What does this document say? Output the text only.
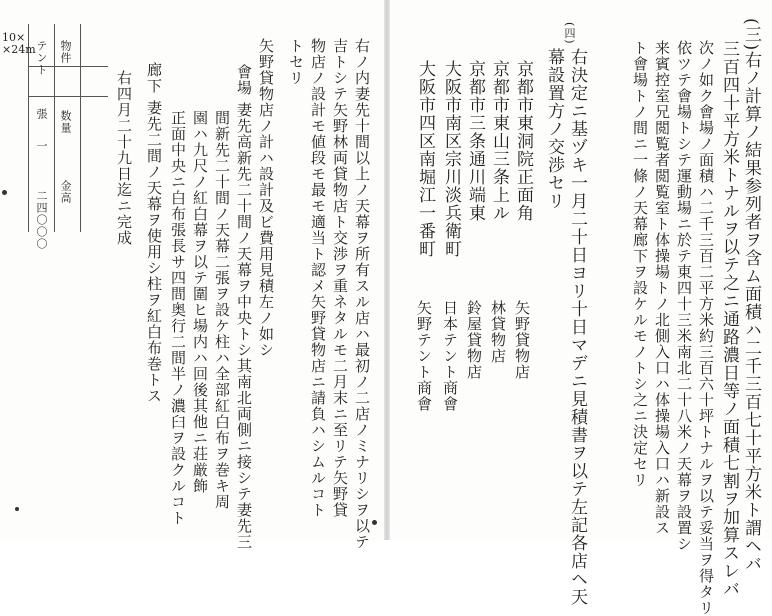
(三)右ノ計算ノ結果参列者ヲ含ム面積ハ二千三百七十平方米ト謂ヘバ
三百四十平方米トナルヲ以テ之ニ通路濃日等ノ面積七割ヲ加算スレバ
次ノ如ク會場ノ面積ハ二千三百二平方米約三百六十坪トナルヲ以テ妥当ヲ得タリ
依ツテ會場トシテ運動場ニ於テ東四十三米南北二十八米ノ天幕ヲ設置シ
来賓控室兄閲覧者閲覧室ト体操場トノ北側入口ハ体操場入口ハ新設ス
ト會場トノ間ニ一條ノ天幕廊下ヲ設ケルモノトシ之ニ決定セリ
(四)
右決定ニ基ヅキ一月二十日ヨリ十日マデニ見積書ヲ以テ左記各店ヘ天
幕設置方ノ交渉セリ
京都市東洞院正面角
京都市東山三条上ル
京都市三条通川端東
大阪市南区宗川淡兵衛町
大阪市四区南堀江一番町
矢野貸物店
林貸物店
鈴屋貸物店
日本テント商會
矢野テント商會
右ノ内妻先十間以上ノ天幕ヲ所有スル店ハ最初ノ二店ノミナリシヲ以テ
吉トシテ矢野林両貸物店ト交渉ヲ重ネタルモ二月末ニ至リテ矢野貸
物店ノ設計モ値段モ最モ適当ト認メ矢野貸物店ニ請負ハシムルコト
トセリ
矢野貸物店ノ計ハ設計及ビ費用見積左ノ如シ
會場 妻先高新先二十間ノ天幕ヲ中央トシ其南北両側ニ接シテ妻先三
間新先二十間ノ天幕二張ヲ設ケ柱ハ全部紅白布ヲ巻キ周
園ハ九尺ノ紅白幕ヲ以テ圍ヒ場内ハ回後其他ニ荘厳飾
正面中央ニ白布張長サ四間奥行二間半ノ濃臼ヲ設クルコト
廊下 妻先二間ノ天幕ヲ使用シ柱ヲ紅白布巻トス
右四月二十九日迄ニ完成
10× ×24m 物件
数量
金高
テント
張
一
二四〇〇〇
